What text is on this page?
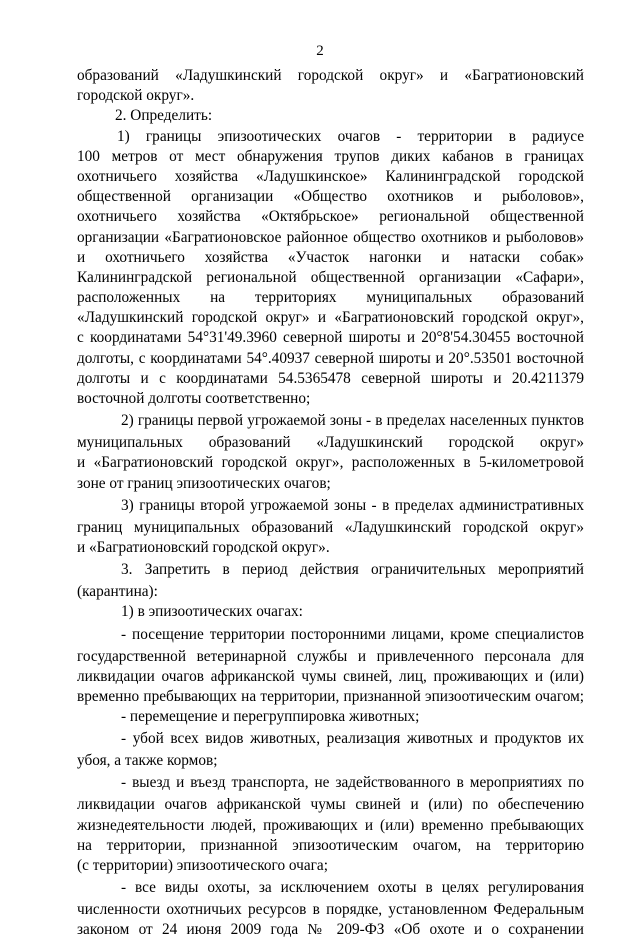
2
образований «Ладушкинский городской округ» и «Багратионовский
городской округ».
2. Определить:
1) границы эпизоотических очагов - территории в радиусе
100 метров от мест обнаружения трупов диких кабанов в границах
охотничьего хозяйства «Ладушкинское» Калининградской городской
общественной организации «Общество охотников и рыболовов»,
охотничьего хозяйства «Октябрьское» региональной общественной
организации «Багратионовское районное общество охотников и рыболовов»
и охотничьего хозяйства «Участок нагонки и натаски собак»
Калининградской региональной общественной организации «Сафари»,
расположенных на территориях муниципальных образований
«Ладушкинский городской округ» и «Багратионовский городской округ»,
с координатами 54°31'49.3960 северной широты и 20°8'54.30455 восточной
долготы, с координатами 54°.40937 северной широты и 20°.53501 восточной
долготы и с координатами 54.5365478 северной широты и 20.4211379
восточной долготы соответственно;
2) границы первой угрожаемой зоны - в пределах населенных пунктов
муниципальных образований «Ладушкинский городской округ»
и «Багратионовский городской округ», расположенных в 5-километровой
зоне от границ эпизоотических очагов;
3) границы второй угрожаемой зоны - в пределах административных
границ муниципальных образований «Ладушкинский городской округ»
и «Багратионовский городской округ».
3. Запретить в период действия ограничительных мероприятий
(карантина):
1) в эпизоотических очагах:
- посещение территории посторонними лицами, кроме специалистов
государственной ветеринарной службы и привлеченного персонала для
ликвидации очагов африканской чумы свиней, лиц, проживающих и (или)
временно пребывающих на территории, признанной эпизоотическим очагом;
- перемещение и перегруппировка животных;
- убой всех видов животных, реализация животных и продуктов их
убоя, а также кормов;
- выезд и въезд транспорта, не задействованного в мероприятиях по
ликвидации очагов африканской чумы свиней и (или) по обеспечению
жизнедеятельности людей, проживающих и (или) временно пребывающих
на территории, признанной эпизоотическим очагом, на территорию
(с территории) эпизоотического очага;
- все виды охоты, за исключением охоты в целях регулирования
численности охотничьих ресурсов в порядке, установленном Федеральным
законом от 24 июня 2009 года № 209-ФЗ «Об охоте и о сохранении
